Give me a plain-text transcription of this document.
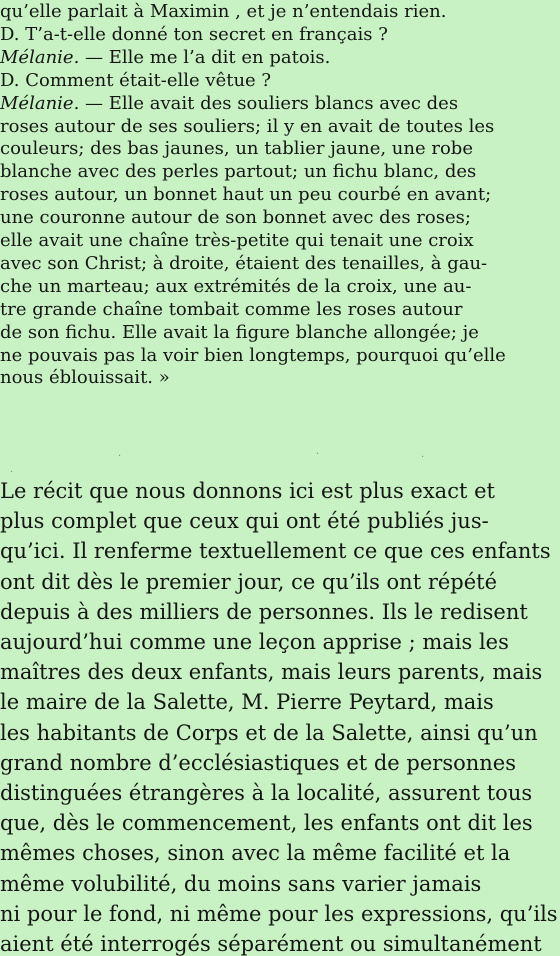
qu’elle parlait à Maximin , et je n’entendais rien.
D. T’a-t-elle donné ton secret en français ?
Mélanie. — Elle me l’a dit en patois.
D. Comment était-elle vêtue ?
Mélanie. — Elle avait des souliers blancs avec des
roses autour de ses souliers; il y en avait de toutes les
couleurs; des bas jaunes, un tablier jaune, une robe
blanche avec des perles partout; un fichu blanc, des
roses autour, un bonnet haut un peu courbé en avant;
une couronne autour de son bonnet avec des roses;
elle avait une chaîne très-petite qui tenait une croix
avec son Christ; à droite, étaient des tenailles, à gau-
che un marteau; aux extrémités de la croix, une au-
tre grande chaîne tombait comme les roses autour
de son fichu. Elle avait la figure blanche allongée; je
ne pouvais pas la voir bien longtemps, pourquoi qu’elle
nous éblouissait. »
Le récit que nous donnons ici est plus exact et
plus complet que ceux qui ont été publiés jus-
qu’ici. Il renferme textuellement ce que ces enfants
ont dit dès le premier jour, ce qu’ils ont répété
depuis à des milliers de personnes. Ils le redisent
aujourd’hui comme une leçon apprise ; mais les
maîtres des deux enfants, mais leurs parents, mais
le maire de la Salette, M. Pierre Peytard, mais
les habitants de Corps et de la Salette, ainsi qu’un
grand nombre d’ecclésiastiques et de personnes
distinguées étrangères à la localité, assurent tous
que, dès le commencement, les enfants ont dit les
mêmes choses, sinon avec la même facilité et la
même volubilité, du moins sans varier jamais
ni pour le fond, ni même pour les expressions, qu’ils
aient été interrogés séparément ou simultanément
·	·	·
·
